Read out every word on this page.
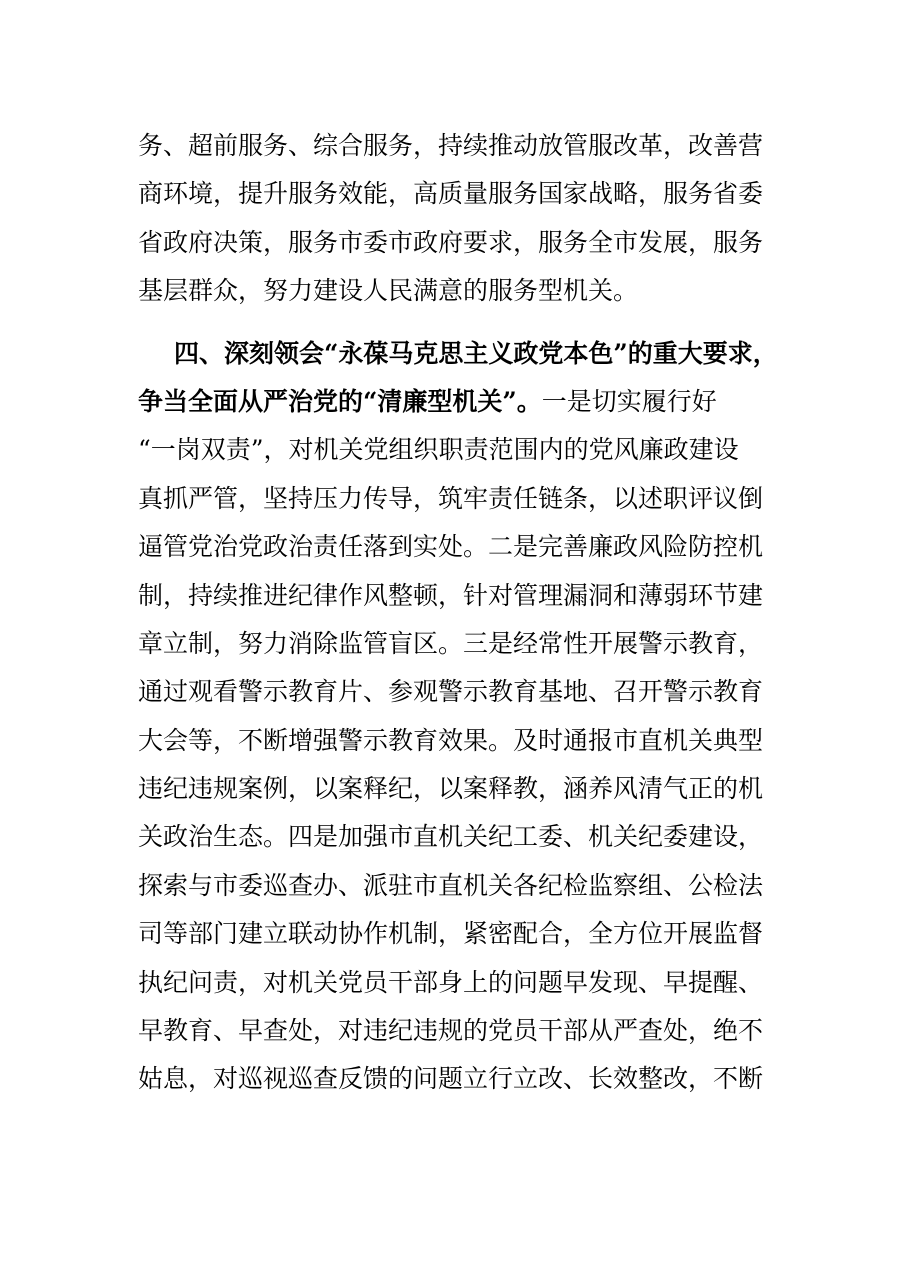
务、超前服务、综合服务，持续推动放管服改革，改善营
商环境，提升服务效能，高质量服务国家战略，服务省委
省政府决策，服务市委市政府要求，服务全市发展，服务
基层群众，努力建设人民满意的服务型机关。
四、深刻领会“永葆马克思主义政党本色”的重大要求，
争当全面从严治党的“清廉型机关”。一是切实履行好
“一岗双责”，对机关党组织职责范围内的党风廉政建设
真抓严管，坚持压力传导，筑牢责任链条，以述职评议倒
逼管党治党政治责任落到实处。二是完善廉政风险防控机
制，持续推进纪律作风整顿，针对管理漏洞和薄弱环节建
章立制，努力消除监管盲区。三是经常性开展警示教育，
通过观看警示教育片、参观警示教育基地、召开警示教育
大会等，不断增强警示教育效果。及时通报市直机关典型
违纪违规案例，以案释纪，以案释教，涵养风清气正的机
关政治生态。四是加强市直机关纪工委、机关纪委建设，
探索与市委巡查办、派驻市直机关各纪检监察组、公检法
司等部门建立联动协作机制，紧密配合，全方位开展监督
执纪问责，对机关党员干部身上的问题早发现、早提醒、
早教育、早查处，对违纪违规的党员干部从严查处，绝不
姑息，对巡视巡查反馈的问题立行立改、长效整改，不断
